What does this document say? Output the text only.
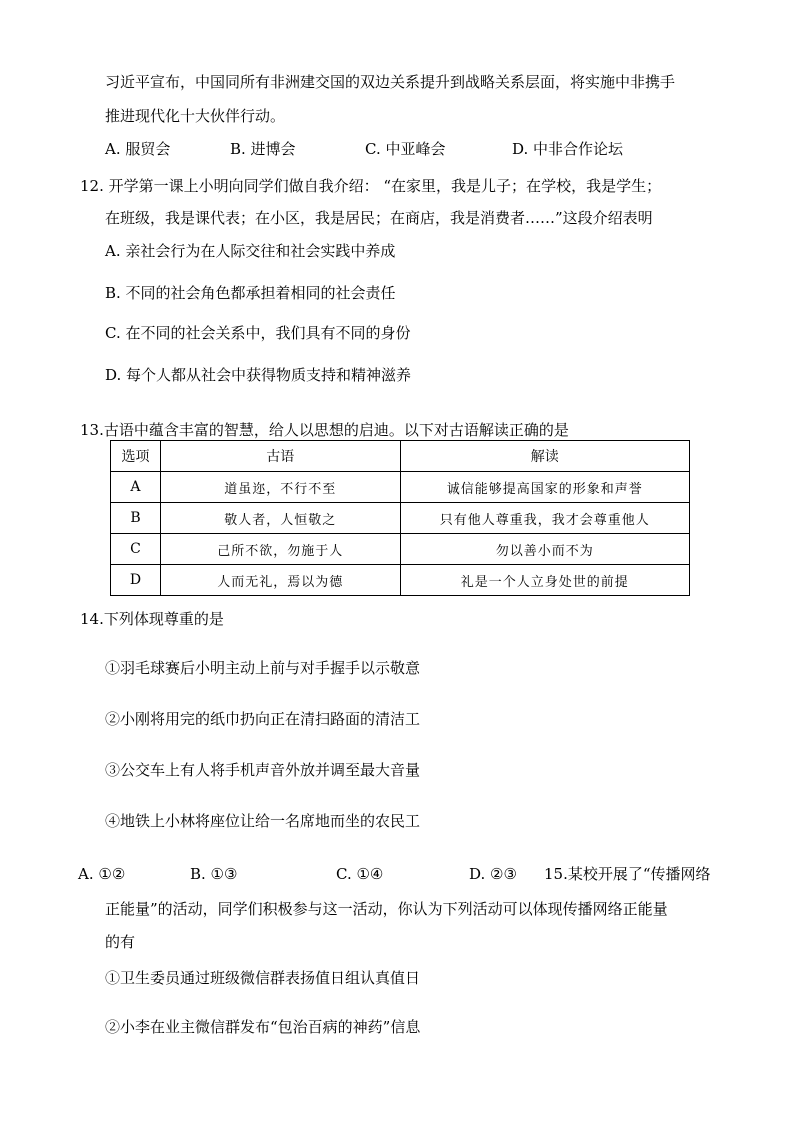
习近平宣布，中国同所有非洲建交国的双边关系提升到战略关系层面，将实施中非携手
推进现代化十大伙伴行动。
A. 服贸会	B. 进博会	C. 中亚峰会	D. 中非合作论坛
12. 开学第一课上小明向同学们做自我介绍： “在家里，我是儿子；在学校，我是学生；
在班级，我是课代表；在小区，我是居民；在商店，我是消费者……”这段介绍表明
A. 亲社会行为在人际交往和社会实践中养成
B. 不同的社会角色都承担着相同的社会责任
C. 在不同的社会关系中，我们具有不同的身份
D. 每个人都从社会中获得物质支持和精神滋养
13.古语中蕴含丰富的智慧，给人以思想的启迪。以下对古语解读正确的是
选项	古语	解读
A	道虽迩，不行不至	诚信能够提高国家的形象和声誉
B	敬人者，人恒敬之	只有他人尊重我，我才会尊重他人
C	己所不欲，勿施于人	勿以善小而不为
D	人而无礼，焉以为德	礼是一个人立身处世的前提
14.下列体现尊重的是
①羽毛球赛后小明主动上前与对手握手以示敬意
②小刚将用完的纸巾扔向正在清扫路面的清洁工
③公交车上有人将手机声音外放并调至最大音量
④地铁上小林将座位让给一名席地而坐的农民工
A. ①②	B. ①③	C. ①④	D. ②③ 15.某校开展了“传播网络
正能量”的活动，同学们积极参与这一活动，你认为下列活动可以体现传播网络正能量
的有
①卫生委员通过班级微信群表扬值日组认真值日
②小李在业主微信群发布“包治百病的神药”信息
